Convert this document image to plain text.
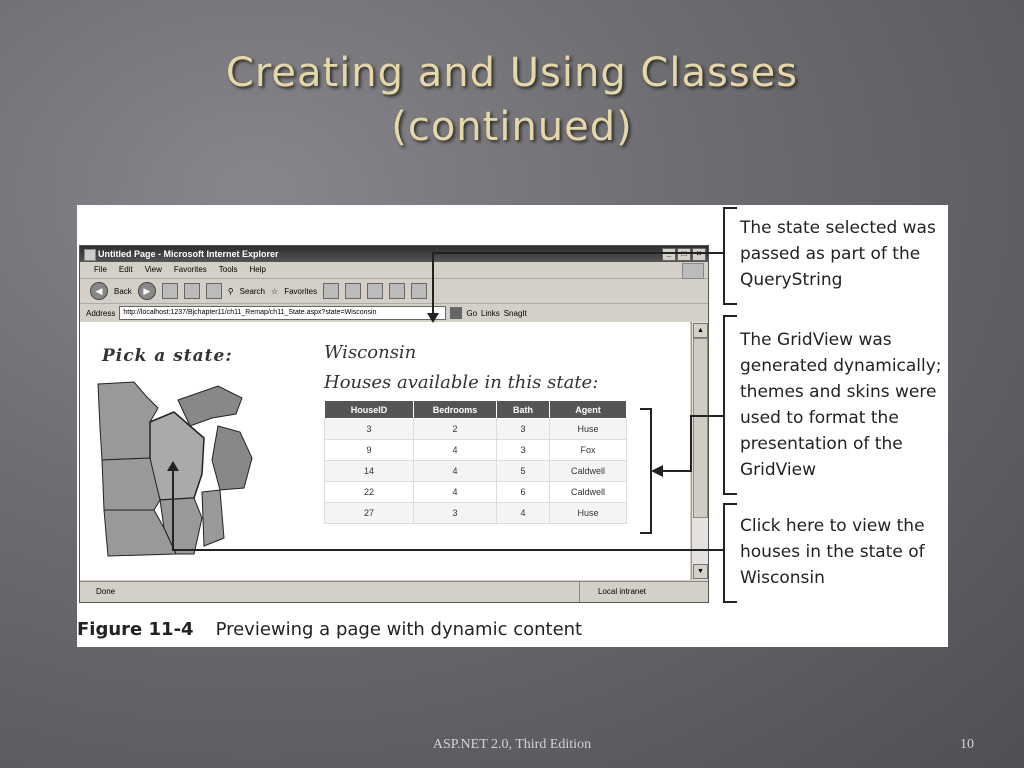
Creating and Using Classes
(continued)
Untitled Page - Microsoft Internet Explorer	_	□	×
File Edit View Favorites Tools Help
◀	Back	▶	⚲ Search ☆ Favorites
Address	http://localhost:1237/Bjchapter11/ch11_Remap/ch11_State.aspx?state=Wisconsin	Go Links SnagIt
Pick a state:	Wisconsin
Houses available in this state:
HouseID	Bedrooms	Bath	Agent
3	2	3	Huse
9	4	3	Fox
14	4	5	Caldwell
22	4	6	Caldwell
27	3	4	Huse
▲
▼
Done	Local intranet
The state selected was passed as part of the QueryString
The GridView was generated dynamically; themes and skins were used to format the presentation of the GridView
Click here to view the houses in the state of Wisconsin
Figure 11-4 Previewing a page with dynamic content
ASP.NET 2.0, Third Edition	10
